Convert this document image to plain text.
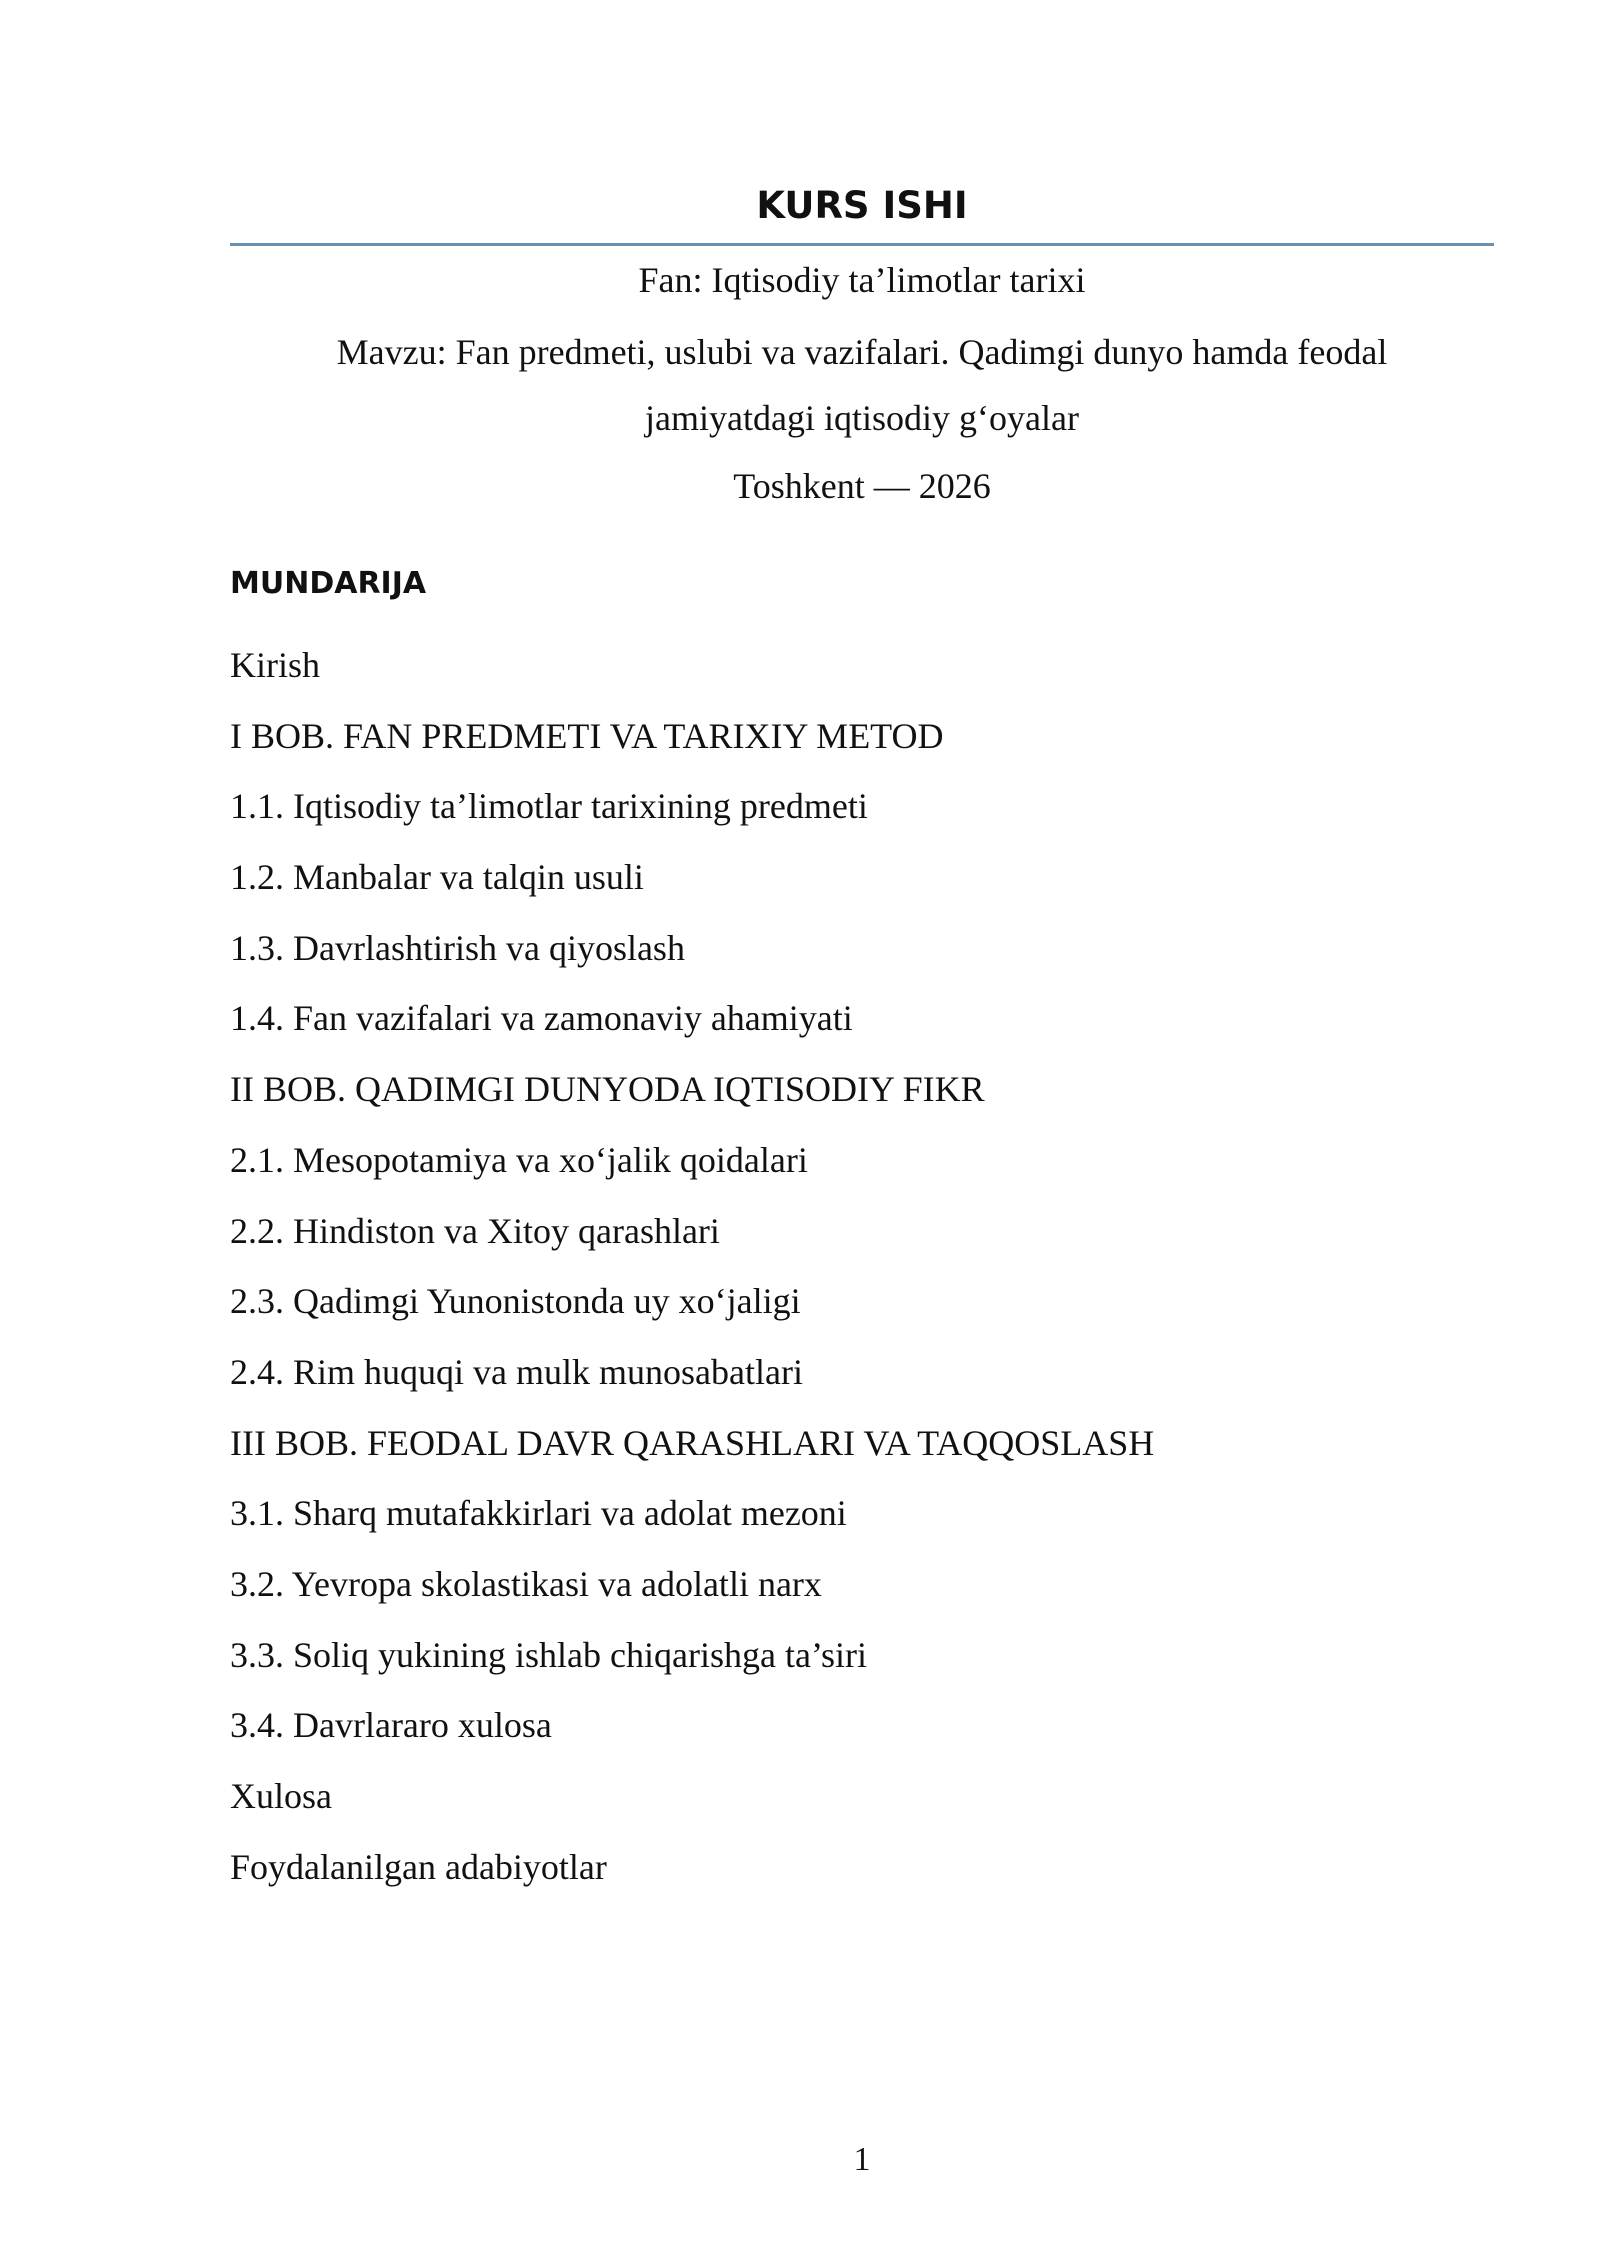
KURS ISHI

Fan: Iqtisodiy ta’limotlar tarixi

Mavzu: Fan predmeti, uslubi va vazifalari. Qadimgi dunyo hamda feodal

jamiyatdagi iqtisodiy g‘oyalar

Toshkent — 2026

MUNDARIJA
Kirish
I BOB. FAN PREDMETI VA TARIXIY METOD
1.1. Iqtisodiy ta’limotlar tarixining predmeti
1.2. Manbalar va talqin usuli
1.3. Davrlashtirish va qiyoslash
1.4. Fan vazifalari va zamonaviy ahamiyati
II BOB. QADIMGI DUNYODA IQTISODIY FIKR
2.1. Mesopotamiya va xo‘jalik qoidalari
2.2. Hindiston va Xitoy qarashlari
2.3. Qadimgi Yunonistonda uy xo‘jaligi
2.4. Rim huquqi va mulk munosabatlari
III BOB. FEODAL DAVR QARASHLARI VA TAQQOSLASH
3.1. Sharq mutafakkirlari va adolat mezoni
3.2. Yevropa skolastikasi va adolatli narx
3.3. Soliq yukining ishlab chiqarishga ta’siri
3.4. Davrlararo xulosa
Xulosa
Foydalanilgan adabiyotlar

1
